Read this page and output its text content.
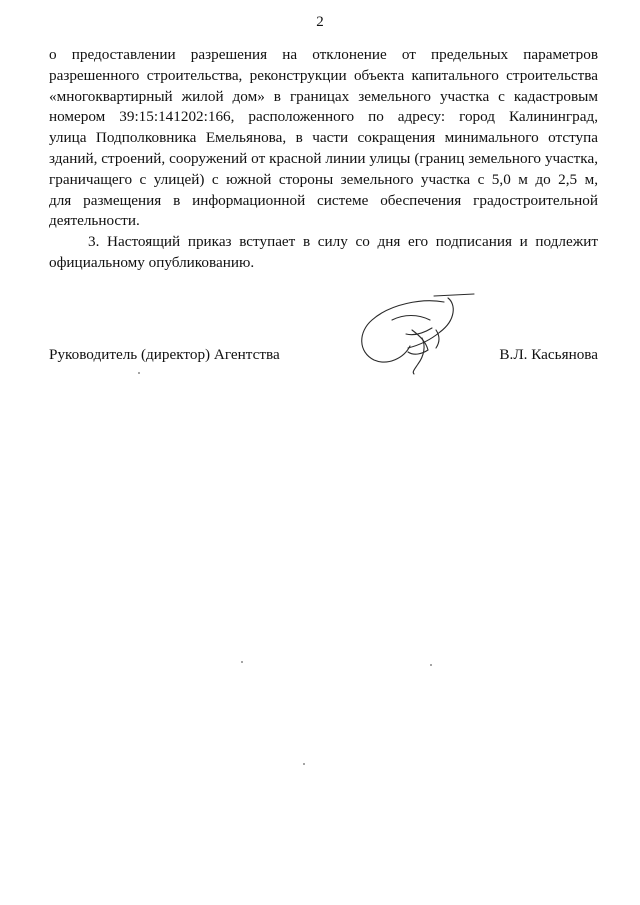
2

о предоставлении разрешения на отклонение от предельных параметров

разрешенного строительства, реконструкции объекта капитального строительства

«многоквартирный жилой дом» в границах земельного участка с кадастровым

номером 39:15:141202:166, расположенного по адресу: город Калининград,

улица Подполковника Емельянова, в части сокращения минимального отступа

зданий, строений, сооружений от красной линии улицы (границ земельного участка,

граничащего с улицей) с южной стороны земельного участка с 5,0 м до 2,5 м,

для размещения в информационной системе обеспечения градостроительной

деятельности.

3. Настоящий приказ вступает в силу со дня его подписания и подлежит

официальному опубликованию.

Руководитель (директор) Агентства	В.Л. Касьянова
